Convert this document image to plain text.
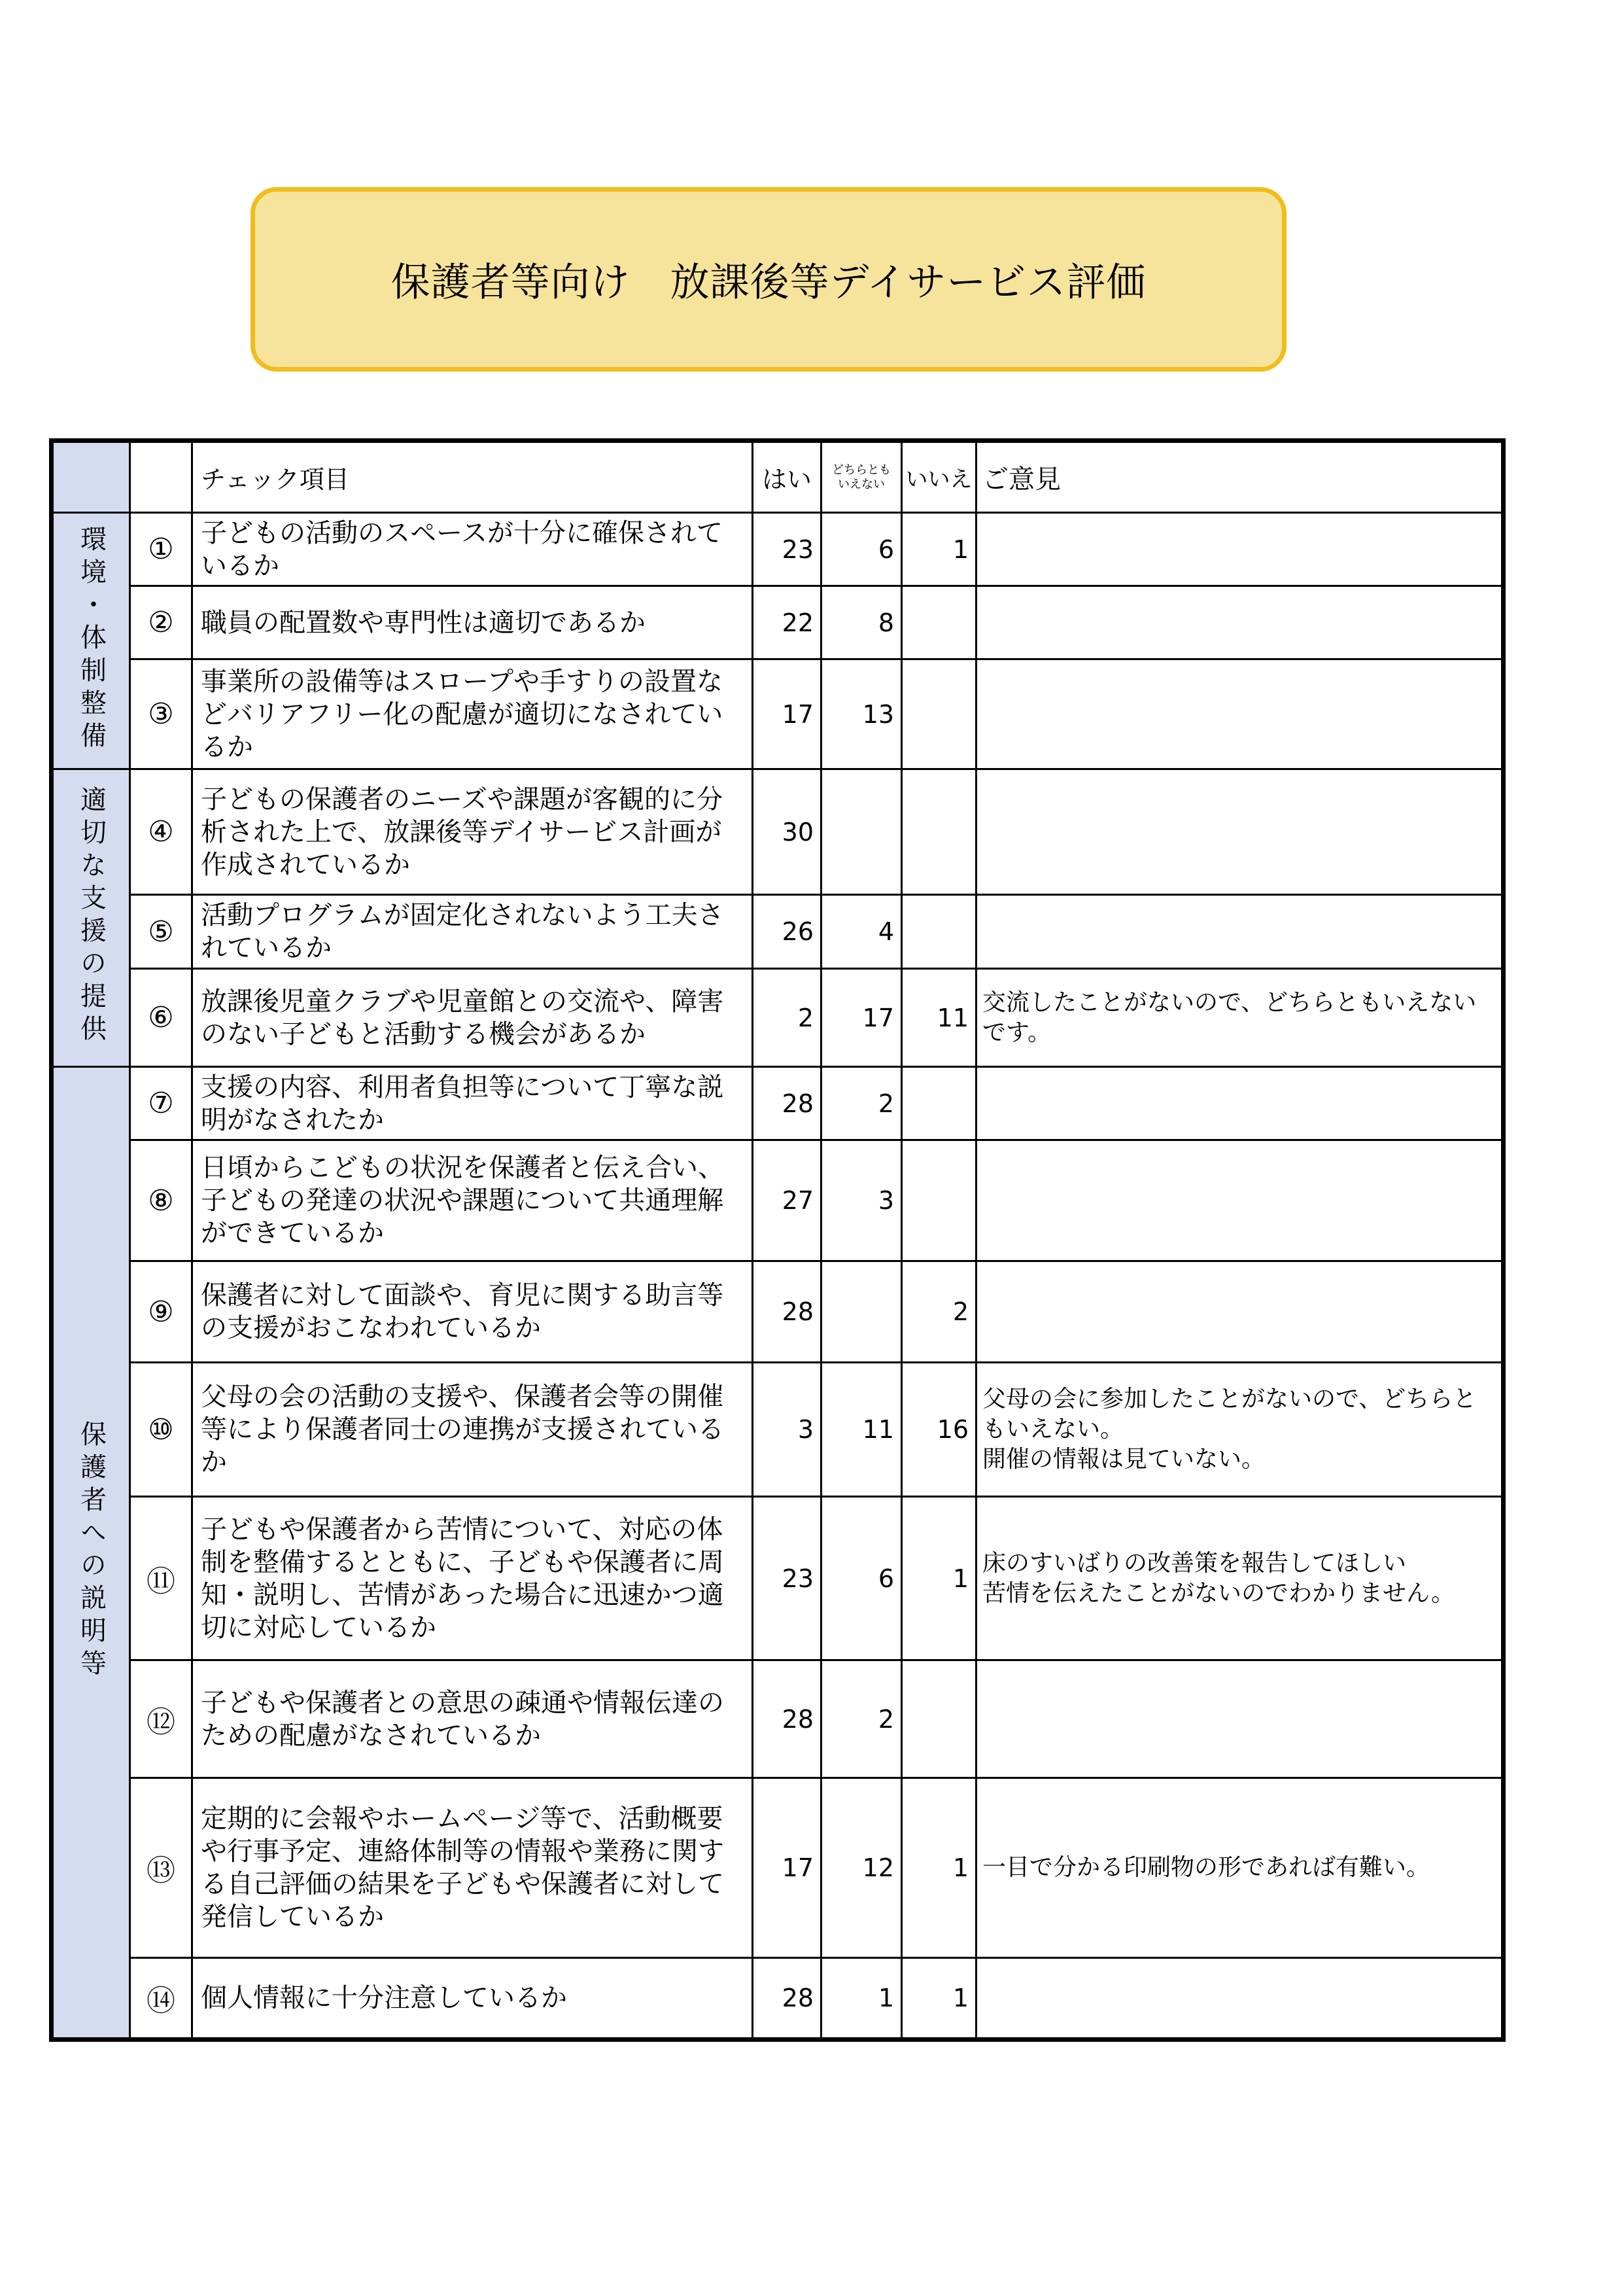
保護者等向け　放課後等デイサービス評価
		チェック項目	はい	どちらともいえない	いいえ	ご意見
環境・体制整備	①	子どもの活動のスペースが十分に確保されているか	23	6	1	
	②	職員の配置数や専門性は適切であるか	22	8		
	③	事業所の設備等はスロープや手すりの設置などバリアフリー化の配慮が適切になされているか	17	13		
適切な支援の提供	④	子どもの保護者のニーズや課題が客観的に分析された上で、放課後等デイサービス計画が作成されているか	30			
	⑤	活動プログラムが固定化されないよう工夫されているか	26	4		
	⑥	放課後児童クラブや児童館との交流や、障害のない子どもと活動する機会があるか	2	17	11	交流したことがないので、どちらともいえないです。
保護者への説明等	⑦	支援の内容、利用者負担等について丁寧な説明がなされたか	28	2		
	⑧	日頃からこどもの状況を保護者と伝え合い、子どもの発達の状況や課題について共通理解ができているか	27	3		
	⑨	保護者に対して面談や、育児に関する助言等の支援がおこなわれているか	28		2	
	⑩	父母の会の活動の支援や、保護者会等の開催等により保護者同士の連携が支援されているか	3	11	16	父母の会に参加したことがないので、どちらともいえない。
開催の情報は見ていない。
	⑪	子どもや保護者から苦情について、対応の体制を整備するとともに、子どもや保護者に周知・説明し、苦情があった場合に迅速かつ適切に対応しているか	23	6	1	床のすいばりの改善策を報告してほしい
苦情を伝えたことがないのでわかりません。
	⑫	子どもや保護者との意思の疎通や情報伝達のための配慮がなされているか	28	2		
	⑬	定期的に会報やホームページ等で、活動概要や行事予定、連絡体制等の情報や業務に関する自己評価の結果を子どもや保護者に対して発信しているか	17	12	1	一目で分かる印刷物の形であれば有難い。
	⑭	個人情報に十分注意しているか	28	1	1	
